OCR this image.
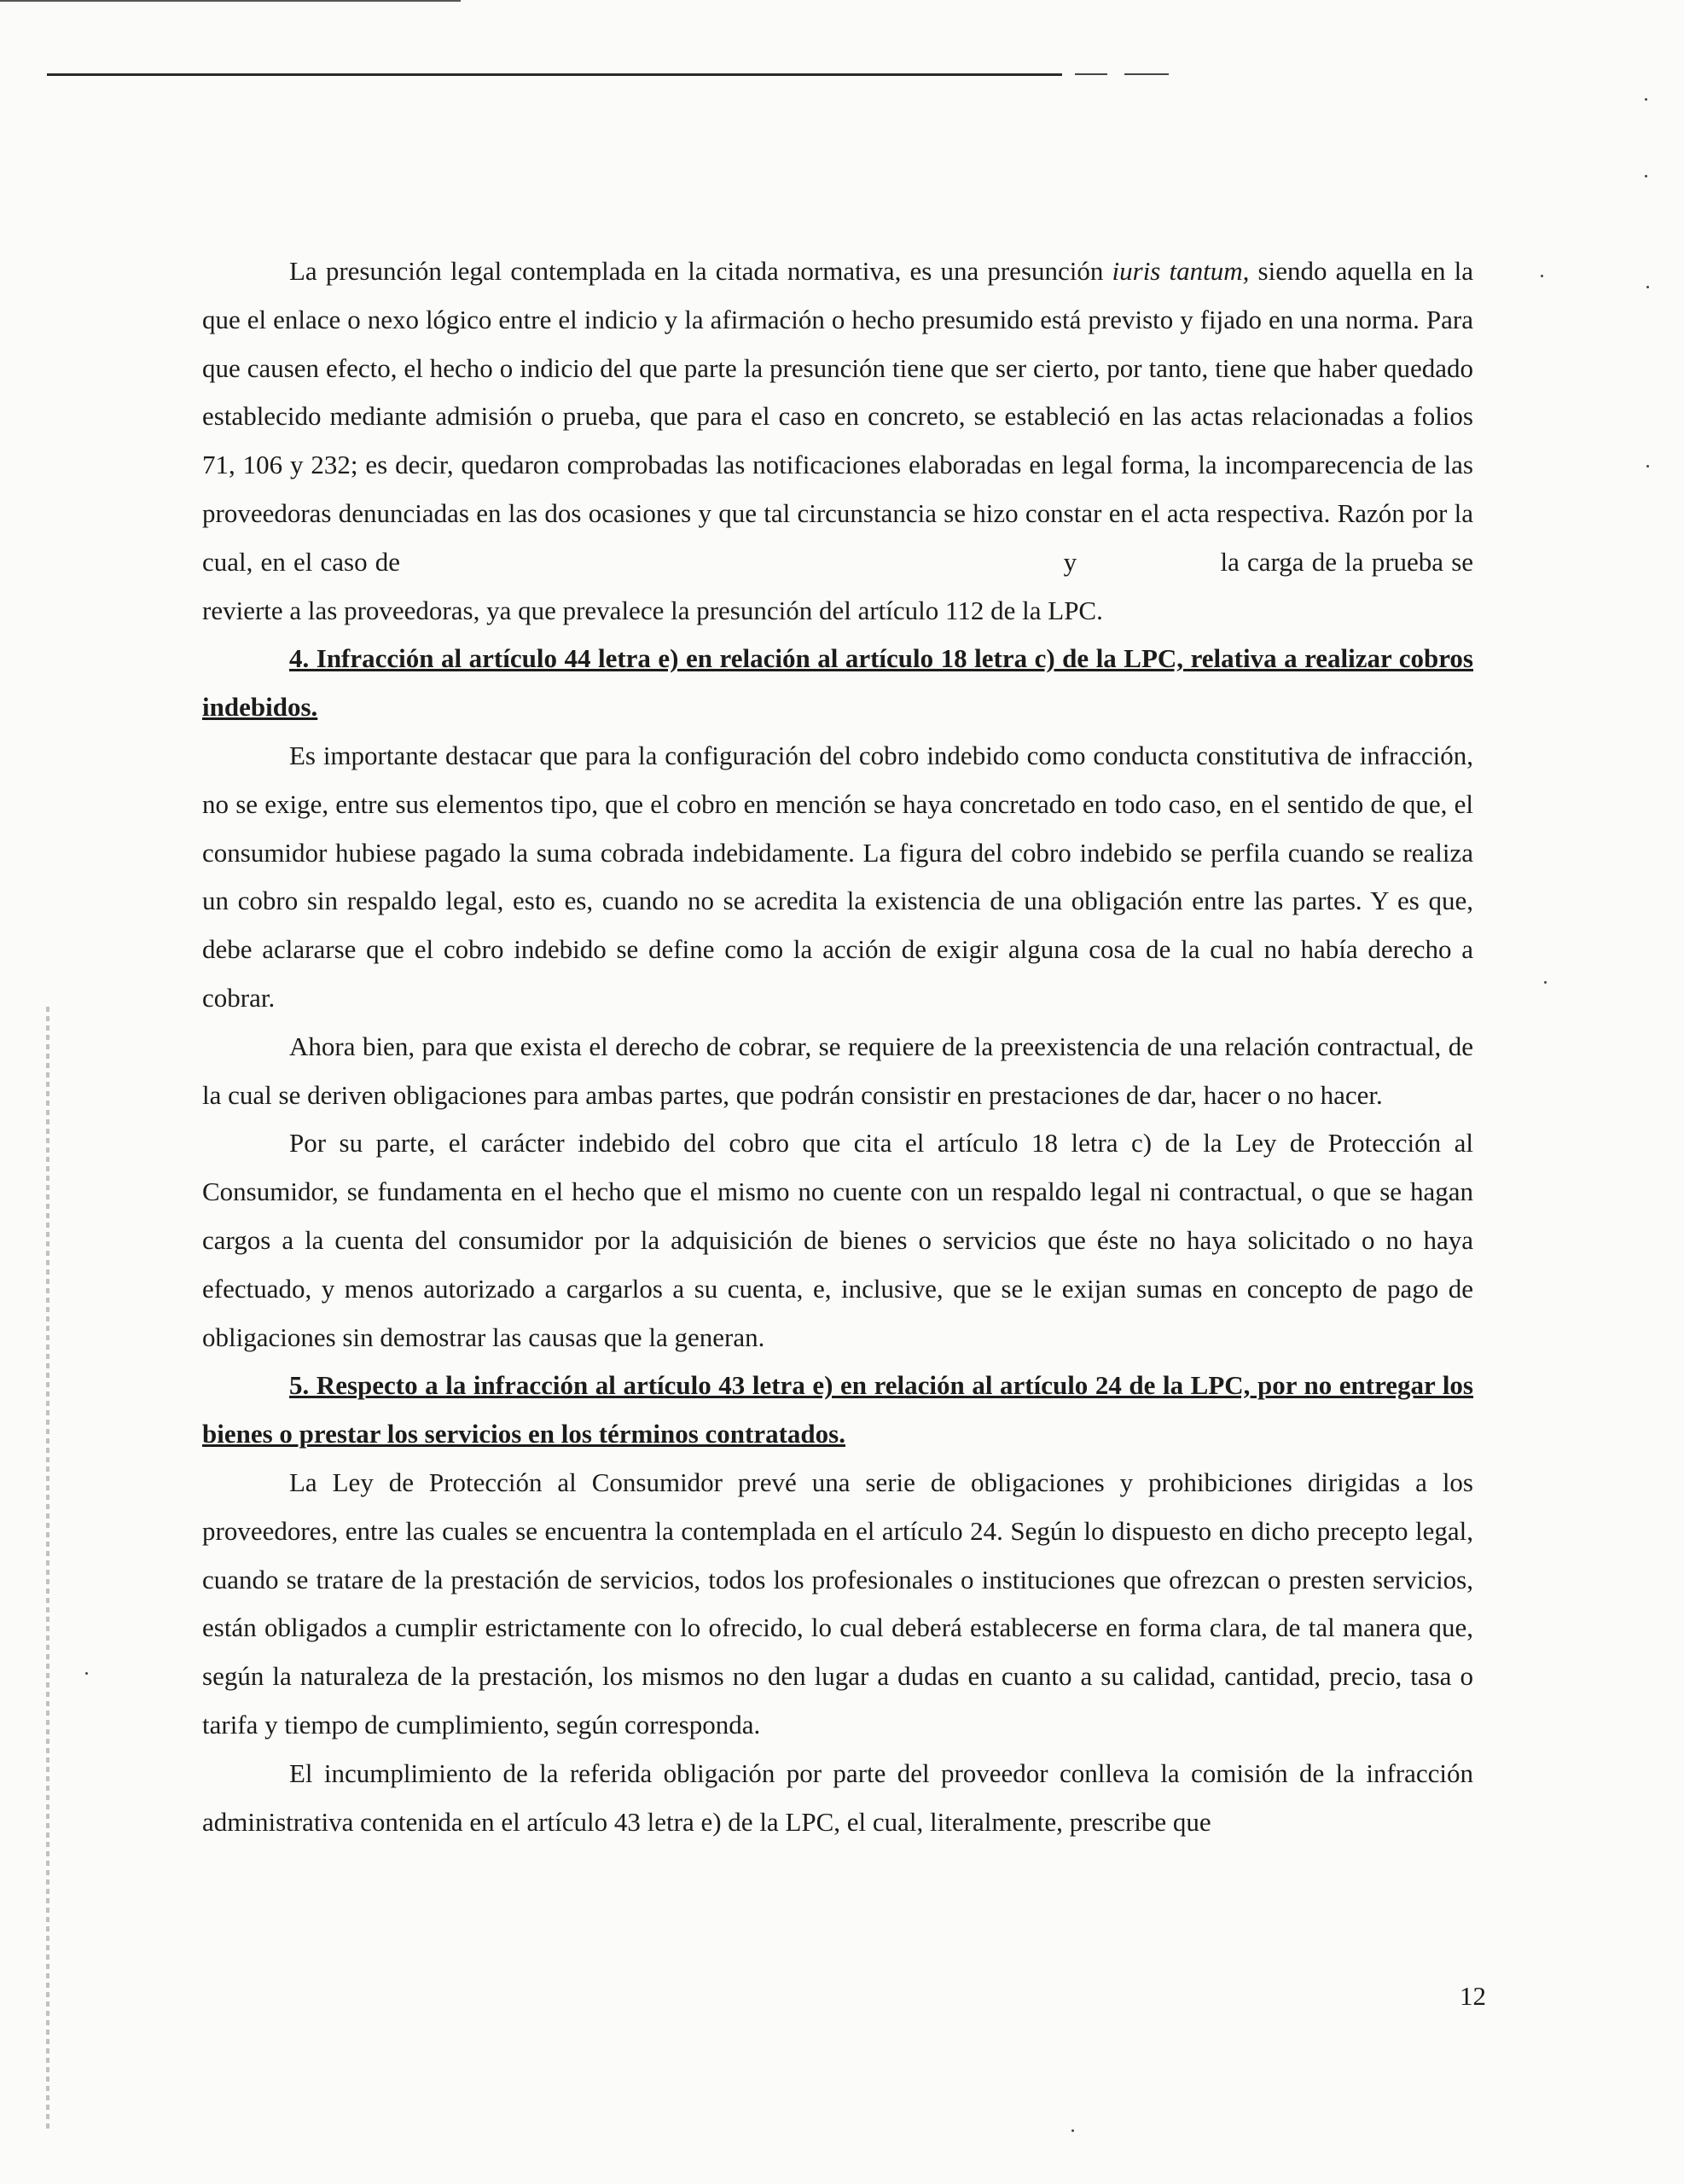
La presunción legal contemplada en la citada normativa, es una presunción iuris tantum, siendo aquella en la que el enlace o nexo lógico entre el indicio y la afirmación o hecho presumido está previsto y fijado en una norma. Para que causen efecto, el hecho o indicio del que parte la presunción tiene que ser cierto, por tanto, tiene que haber quedado establecido mediante admisión o prueba, que para el caso en concreto, se estableció en las actas relacionadas a folios 71, 106 y 232; es decir, quedaron comprobadas las notificaciones elaboradas en legal forma, la incomparecencia de las proveedoras denunciadas en las dos ocasiones y que tal circunstancia se hizo constar en el acta respectiva. Razón por la cual, en el caso de	y	la carga de la prueba se revierte a las proveedoras, ya que prevalece la presunción del artículo 112 de la LPC.

4. Infracción al artículo 44 letra e) en relación al artículo 18 letra c) de la LPC, relativa a realizar cobros indebidos.

Es importante destacar que para la configuración del cobro indebido como conducta constitutiva de infracción, no se exige, entre sus elementos tipo, que el cobro en mención se haya concretado en todo caso, en el sentido de que, el consumidor hubiese pagado la suma cobrada indebidamente. La figura del cobro indebido se perfila cuando se realiza un cobro sin respaldo legal, esto es, cuando no se acredita la existencia de una obligación entre las partes. Y es que, debe aclararse que el cobro indebido se define como la acción de exigir alguna cosa de la cual no había derecho a cobrar.

Ahora bien, para que exista el derecho de cobrar, se requiere de la preexistencia de una relación contractual, de la cual se deriven obligaciones para ambas partes, que podrán consistir en prestaciones de dar, hacer o no hacer.

Por su parte, el carácter indebido del cobro que cita el artículo 18 letra c) de la Ley de Protección al Consumidor, se fundamenta en el hecho que el mismo no cuente con un respaldo legal ni contractual, o que se hagan cargos a la cuenta del consumidor por la adquisición de bienes o servicios que éste no haya solicitado o no haya efectuado, y menos autorizado a cargarlos a su cuenta, e, inclusive, que se le exijan sumas en concepto de pago de obligaciones sin demostrar las causas que la generan.

5. Respecto a la infracción al artículo 43 letra e) en relación al artículo 24 de la LPC, por no entregar los bienes o prestar los servicios en los términos contratados.

La Ley de Protección al Consumidor prevé una serie de obligaciones y prohibiciones dirigidas a los proveedores, entre las cuales se encuentra la contemplada en el artículo 24. Según lo dispuesto en dicho precepto legal, cuando se tratare de la prestación de servicios, todos los profesionales o instituciones que ofrezcan o presten servicios, están obligados a cumplir estrictamente con lo ofrecido, lo cual deberá establecerse en forma clara, de tal manera que, según la naturaleza de la prestación, los mismos no den lugar a dudas en cuanto a su calidad, cantidad, precio, tasa o tarifa y tiempo de cumplimiento, según corresponda.

El incumplimiento de la referida obligación por parte del proveedor conlleva la comisión de la infracción administrativa contenida en el artículo 43 letra e) de la LPC, el cual, literalmente, prescribe que

12
